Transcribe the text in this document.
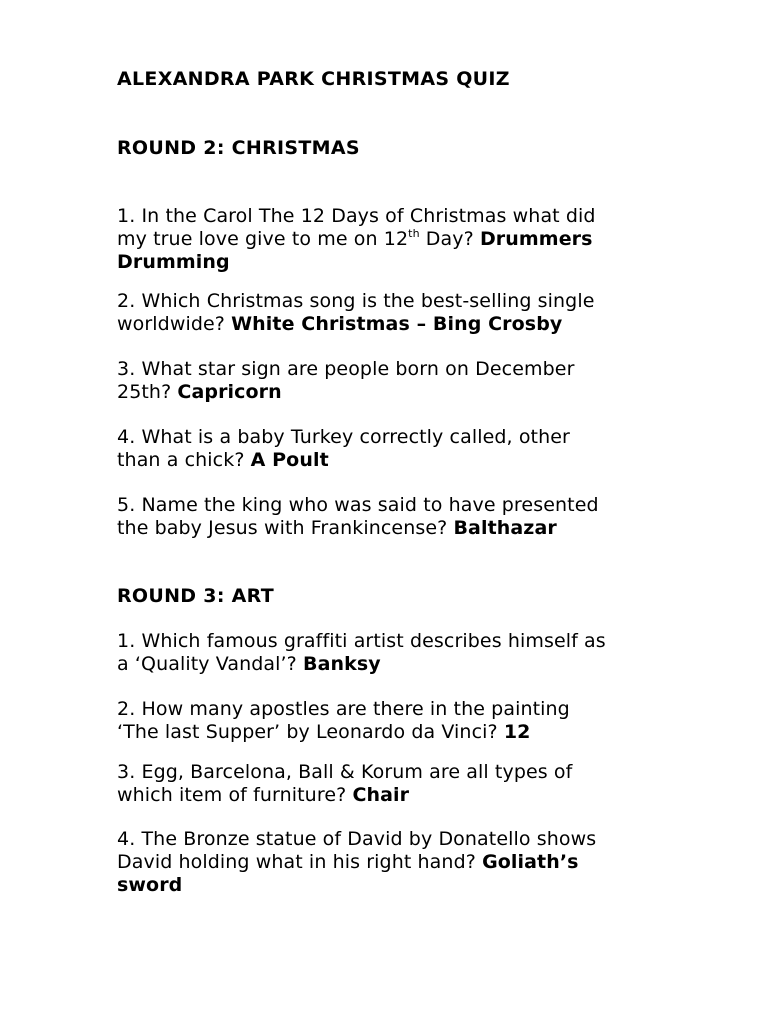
ALEXANDRA PARK CHRISTMAS QUIZ
ROUND 2: CHRISTMAS
1. In the Carol The 12 Days of Christmas what did
my true love give to me on 12th Day? Drummers
Drumming
2. Which Christmas song is the best-selling single
worldwide? White Christmas – Bing Crosby
3. What star sign are people born on December
25th? Capricorn
4. What is a baby Turkey correctly called, other
than a chick? A Poult
5. Name the king who was said to have presented
the baby Jesus with Frankincense? Balthazar
ROUND 3: ART
1. Which famous graffiti artist describes himself as
a ‘Quality Vandal’? Banksy
2. How many apostles are there in the painting
‘The last Supper’ by Leonardo da Vinci? 12
3. Egg, Barcelona, Ball & Korum are all types of
which item of furniture? Chair
4. The Bronze statue of David by Donatello shows
David holding what in his right hand? Goliath’s
sword
